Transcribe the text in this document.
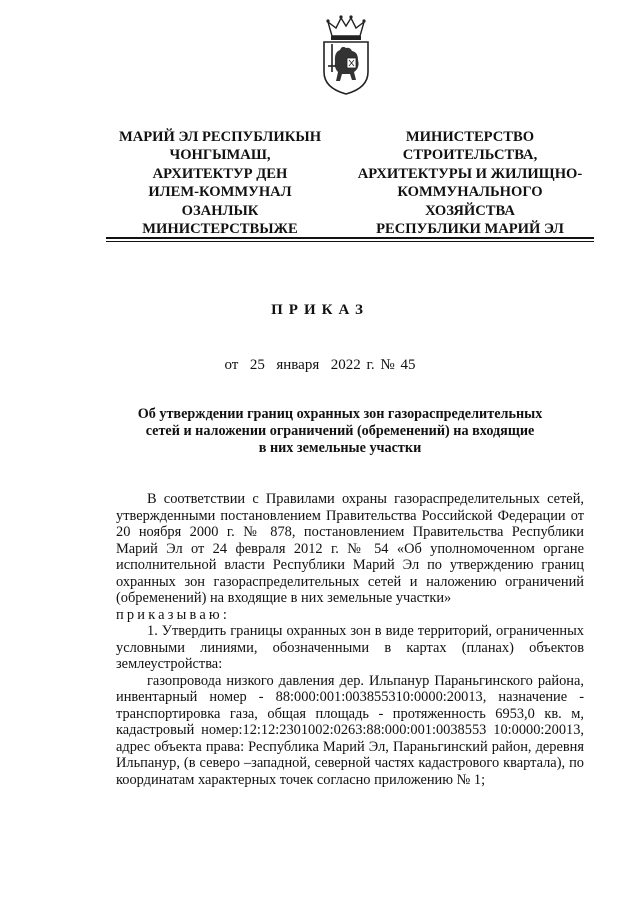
МАРИЙ ЭЛ РЕСПУБЛИКЫН
ЧОНГЫМАШ,
АРХИТЕКТУР ДЕН
ИЛЕМ-КОММУНАЛ
ОЗАНЛЫК
МИНИСТЕРСТВЫЖЕ
МИНИСТЕРСТВО
СТРОИТЕЛЬСТВА,
АРХИТЕКТУРЫ И ЖИЛИЩНО-
КОММУНАЛЬНОГО
ХОЗЯЙСТВА
РЕСПУБЛИКИ МАРИЙ ЭЛ
ПРИКАЗ
от  25  января  2022 г. № 45
Об утверждении границ охранных зон газораспределительных
сетей и наложении ограничений (обременений) на входящие
в них земельные участки

В соответствии с Правилами охраны газораспределительных сетей, утвержденными постановлением Правительства Российской Федерации от 20 ноября 2000 г. № 878, постановлением Правительства Республики Марий Эл от 24 февраля 2012 г. № 54 «Об уполномоченном органе исполнительной власти Республики Марий Эл по утверждению границ охранных зон газораспределительных сетей и наложению ограничений (обременений) на входящие в них земельные участки»

приказываю:

1. Утвердить границы охранных зон в виде территорий, ограниченных условными линиями, обозначенными в картах (планах) объектов землеустройства:

газопровода низкого давления дер. Ильпанур Параньгинского района, инвентарный номер - 88:000:001:003855310:0000:20013, назначение - транспортировка газа, общая площадь - протяженность 6953,0 кв. м, кадастровый номер:12:12:2301002:0263:88:000:001:0038553 10:0000:20013, адрес объекта права: Республика Марий Эл, Параньгинский район, деревня Ильпанур, (в северо –западной, северной частях кадастрового квартала), по координатам характерных точек согласно приложению № 1;
